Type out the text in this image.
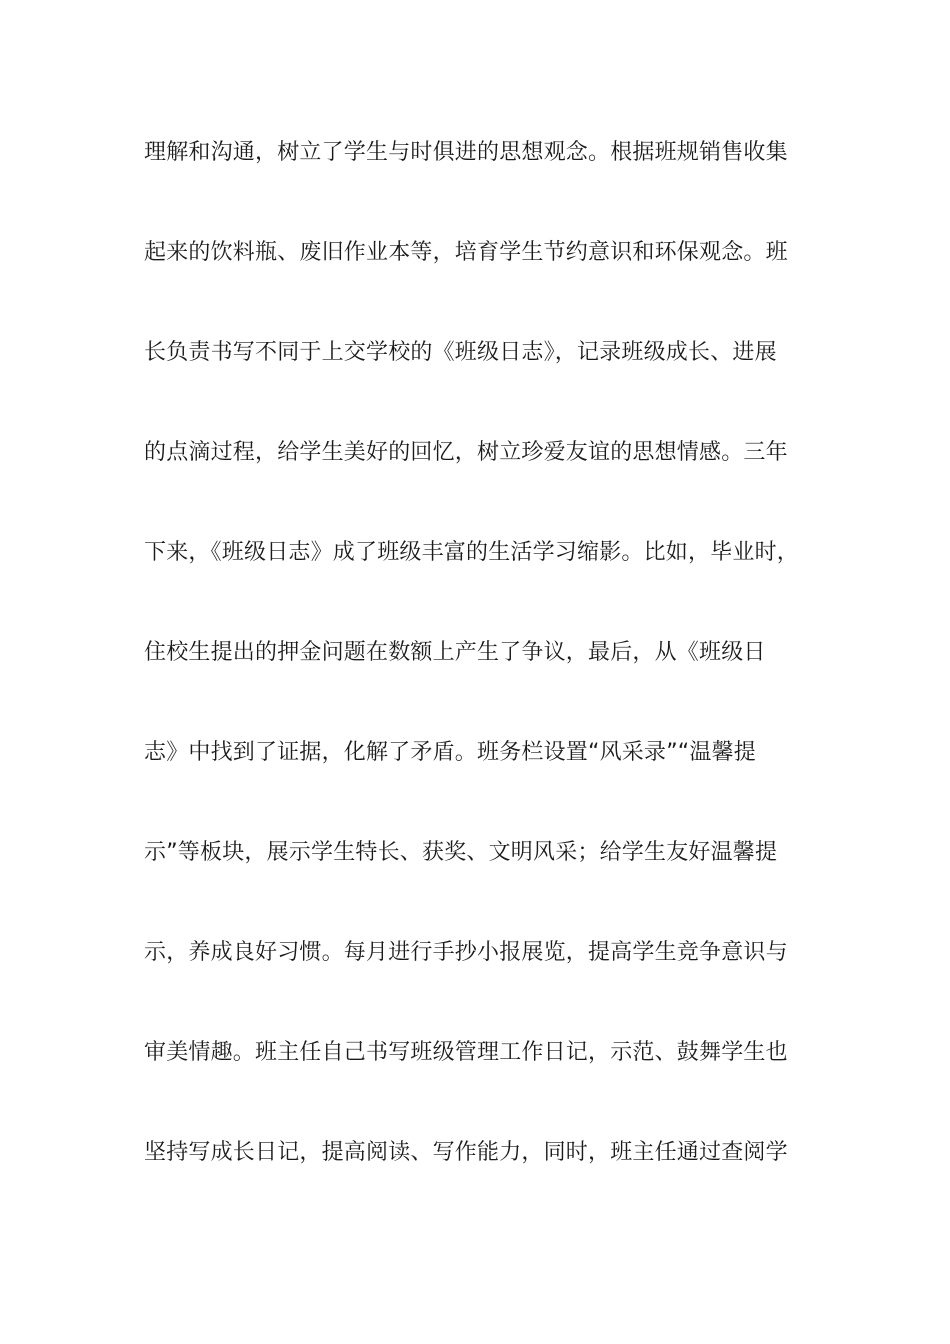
理解和沟通，树立了学生与时俱进的思想观念。根据班规销售收集
起来的饮料瓶、废旧作业本等，培育学生节约意识和环保观念。班
长负责书写不同于上交学校的《班级日志》，记录班级成长、进展
的点滴过程，给学生美好的回忆，树立珍爱友谊的思想情感。三年
下来，《班级日志》成了班级丰富的生活学习缩影。比如，毕业时，
住校生提出的押金问题在数额上产生了争议，最后，从《班级日
志》中找到了证据，化解了矛盾。班务栏设置“风采录”“温馨提
示”等板块，展示学生特长、获奖、文明风采；给学生友好温馨提
示，养成良好习惯。每月进行手抄小报展览，提高学生竞争意识与
审美情趣。班主任自己书写班级管理工作日记，示范、鼓舞学生也
坚持写成长日记，提高阅读、写作能力，同时，班主任通过查阅学
